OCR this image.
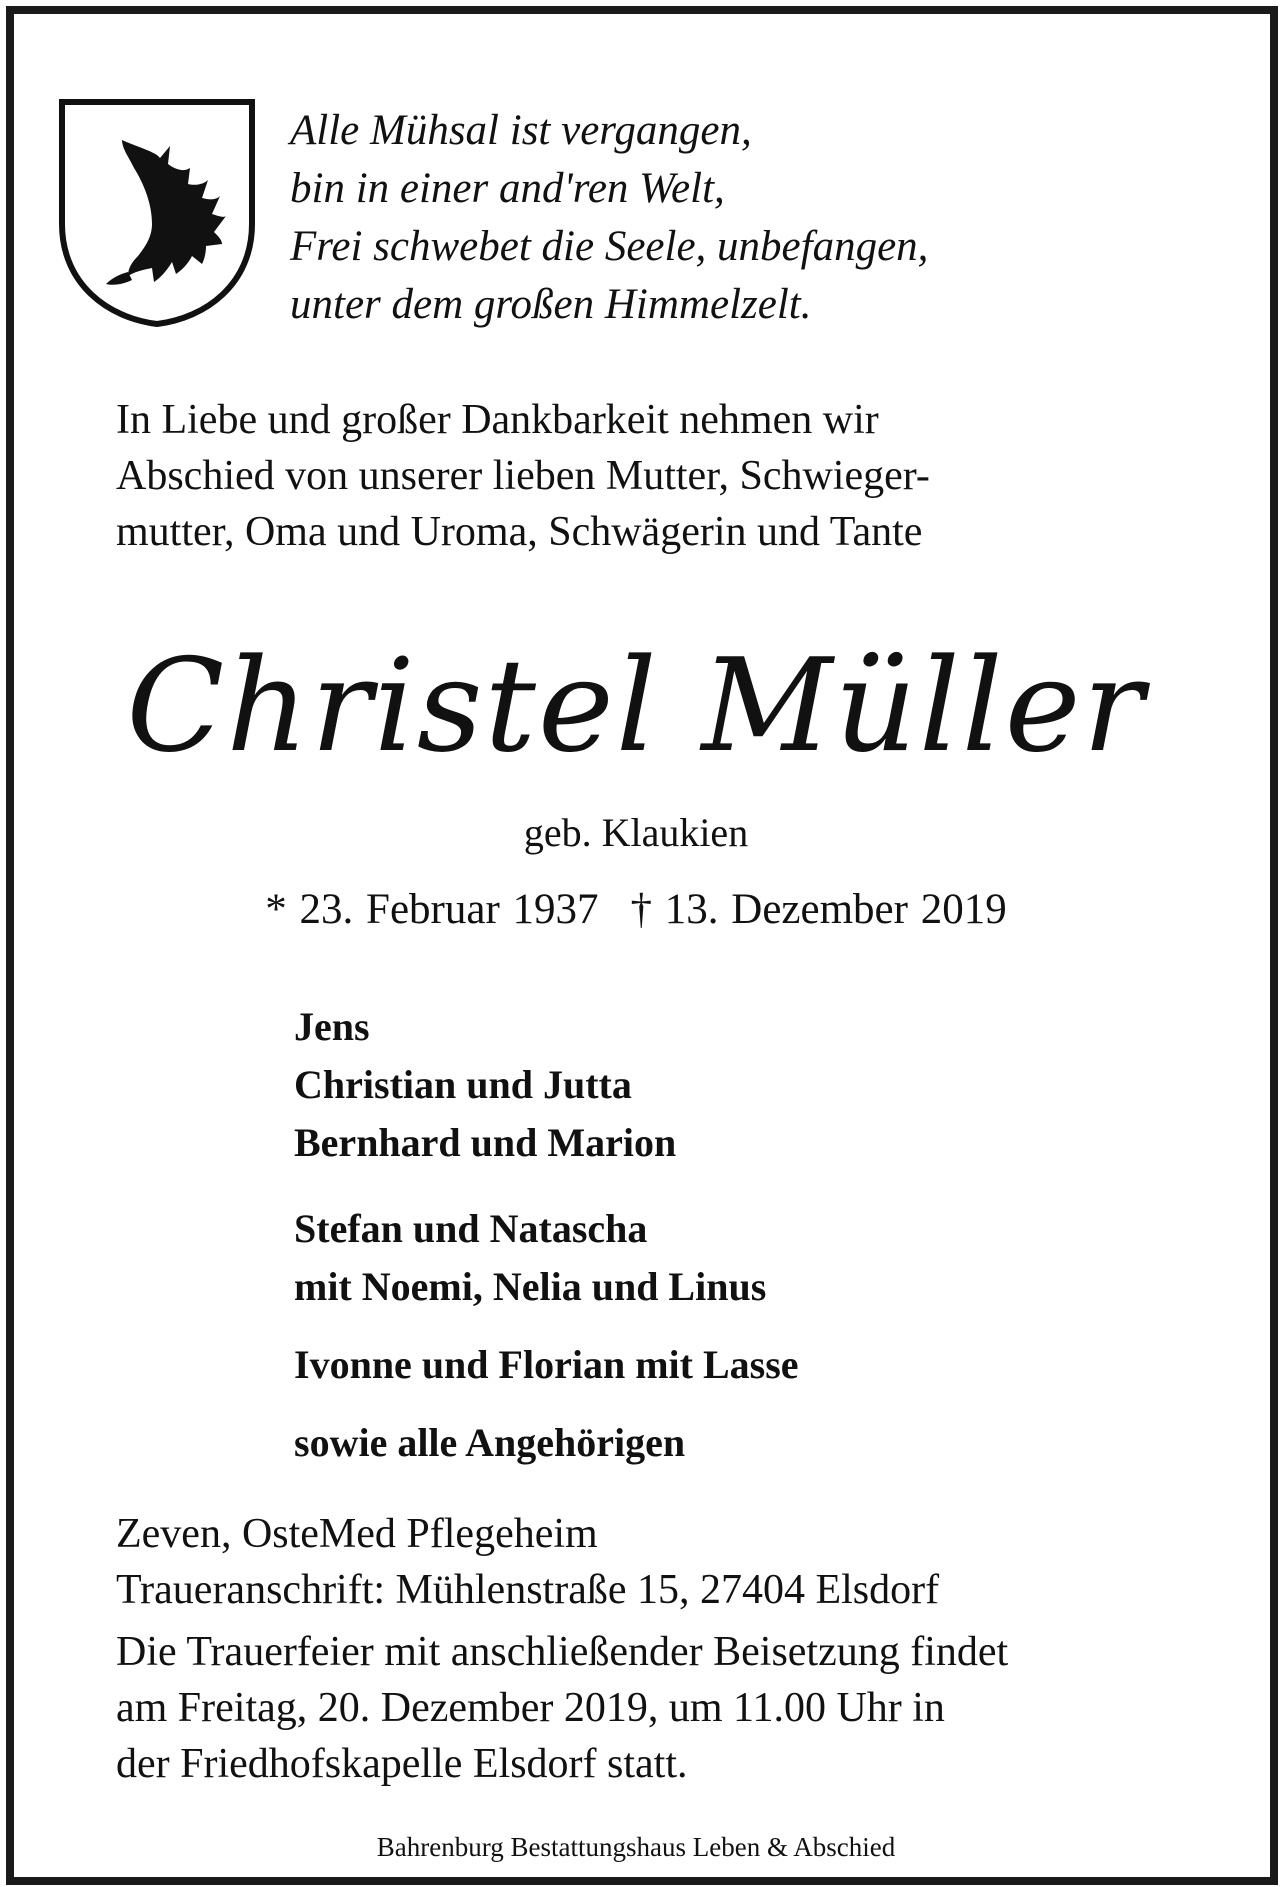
Alle Mühsal ist vergangen,
bin in einer and'ren Welt,
Frei schwebet die Seele, unbefangen,
unter dem großen Himmelzelt.
In Liebe und großer Dankbarkeit nehmen wir
Abschied von unserer lieben Mutter, Schwieger-
mutter, Oma und Uroma, Schwägerin und Tante
Christel Müller
geb. Klaukien
* 23. Februar 1937 † 13. Dezember 2019
Jens
Christian und Jutta
Bernhard und Marion
Stefan und Natascha
mit Noemi, Nelia und Linus
Ivonne und Florian mit Lasse
sowie alle Angehörigen
Zeven, OsteMed Pflegeheim
Traueranschrift: Mühlenstraße 15, 27404 Elsdorf
Die Trauerfeier mit anschließender Beisetzung findet
am Freitag, 20. Dezember 2019, um 11.00 Uhr in
der Friedhofskapelle Elsdorf statt.
Bahrenburg Bestattungshaus Leben & Abschied
